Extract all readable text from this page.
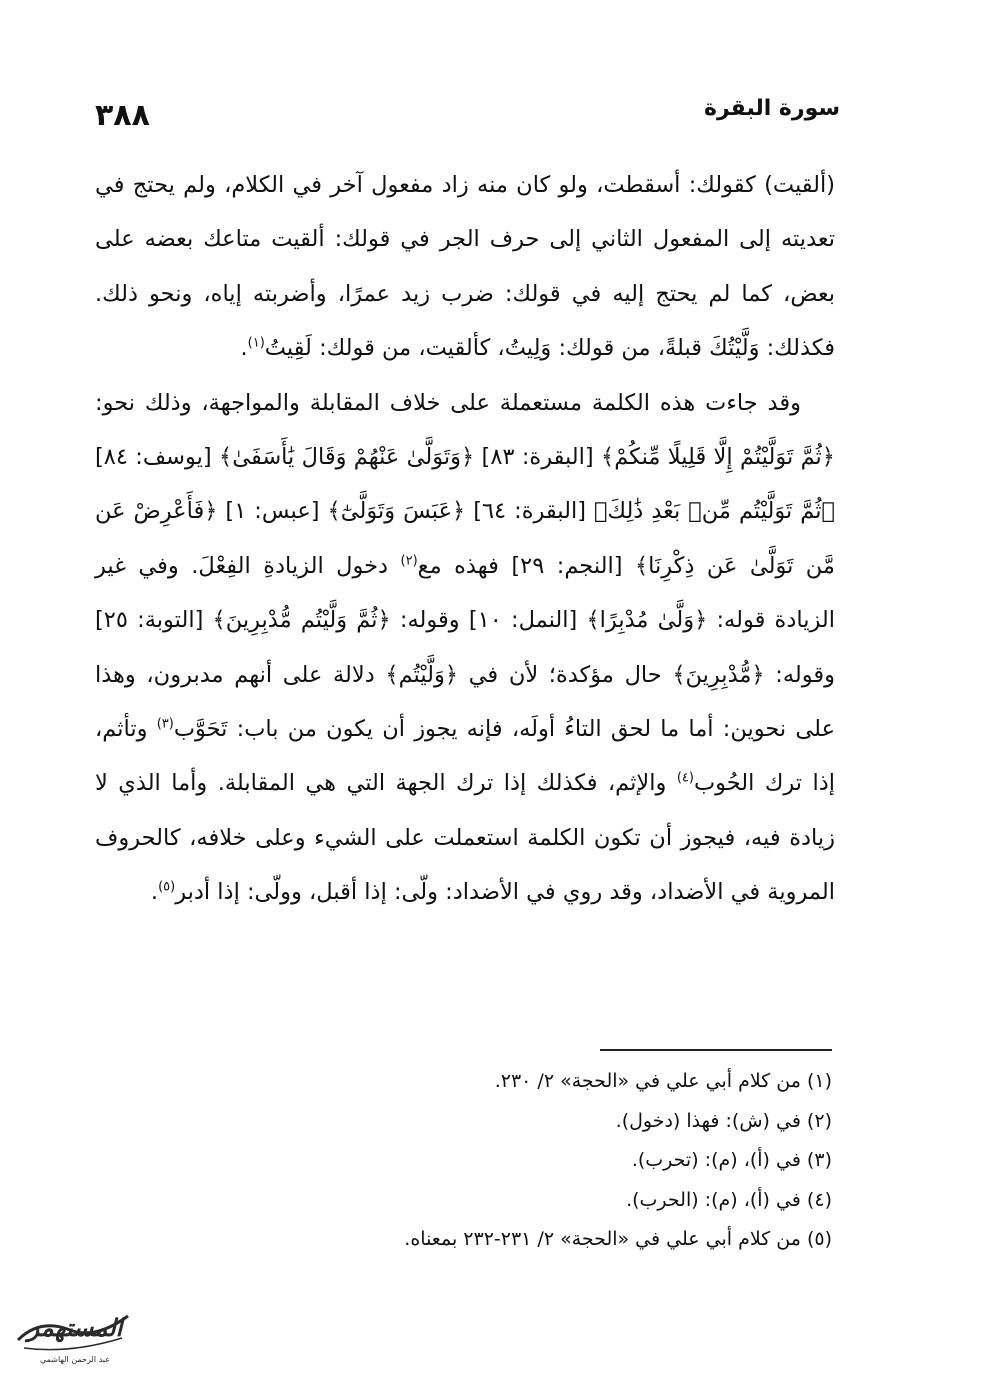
سورة البقرة
٣٨٨

(ألقيت) كقولك: أسقطت، ولو كان منه زاد مفعول آخر في الكلام، ولم يحتج في تعديته إلى المفعول الثاني إلى حرف الجر في قولك: ألقيت متاعك بعضه على بعض، كما لم يحتج إليه في قولك: ضرب زيد عمرًا، وأضربته إياه، ونحو ذلك. فكذلك: وَلَّيْتُكَ قبلةً، من قولك: وَلِيتُ، كألقيت، من قولك: لَقِيتُ$^{(١)}$.

وقد جاءت هذه الكلمة مستعملة على خلاف المقابلة والمواجهة، وذلك نحو: ﴿ثُمَّ تَوَلَّيْتُمْ إِلَّا قَلِيلًا مِّنكُمْ﴾ [البقرة: ٨٣] ﴿وَتَوَلَّىٰ عَنْهُمْ وَقَالَ يَٰأَسَفَىٰ﴾ [يوسف: ٨٤] ﴿ثُمَّ تَوَلَّيْتُم مِّنۢ بَعْدِ ذَٰلِكَ﴾ [البقرة: ٦٤] ﴿عَبَسَ وَتَوَلَّىٰٓ﴾ [عبس: ١] ﴿فَأَعْرِضْ عَن مَّن تَوَلَّىٰ عَن ذِكْرِنَا﴾ [النجم: ٢٩] فهذه مع$^{(٢)}$ دخول الزيادةِ الفِعْلَ. وفي غير الزيادة قوله: ﴿وَلَّىٰ مُدْبِرًا﴾ [النمل: ١٠] وقوله: ﴿ثُمَّ وَلَّيْتُم مُّدْبِرِينَ﴾ [التوبة: ٢٥] وقوله: ﴿مُّدْبِرِينَ﴾ حال مؤكدة؛ لأن في ﴿وَلَّيْتُم﴾ دلالة على أنهم مدبرون، وهذا على نحوين: أما ما لحق التاءُ أولَه، فإنه يجوز أن يكون من باب: تَحَوَّب$^{(٣)}$ وتأثم، إذا ترك الحُوب$^{(٤)}$ والإثم، فكذلك إذا ترك الجهة التي هي المقابلة. وأما الذي لا زيادة فيه، فيجوز أن تكون الكلمة استعملت على الشيء وعلى خلافه، كالحروف المروية في الأضداد، وقد روي في الأضداد: ولّى: إذا أقبل، وولّى: إذا أدبر$^{(٥)}$.

(١) من كلام أبي علي في «الحجة» ٢/ ٢٣٠.
(٢) في (ش): فهذا (دخول).
(٣) في (أ)، (م): (تحرب).
(٤) في (أ)، (م): (الحرب).
(٥) من كلام أبي علي في «الحجة» ٢/ ٢٣١-٢٣٢ بمعناه.
المستهمر
عبد الرحمن الهاشمي
